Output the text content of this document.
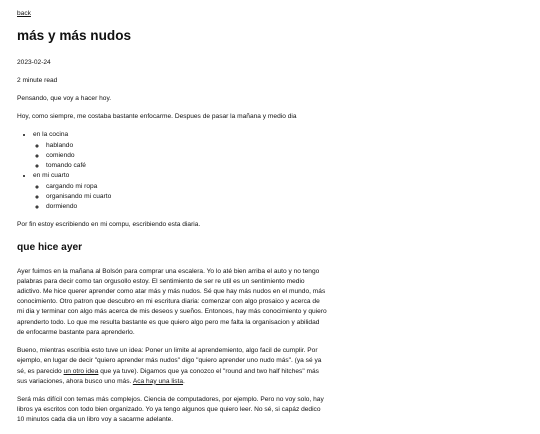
back
más y más nudos

2023-02-24

2 minute read

Pensando, que voy a hacer hoy.

Hoy, como siempre, me costaba bastante enfocarme. Despues de pasar la mañana y medio dia

• en la cocina
◦ hablando
◦ comiendo
◦ tomando café
• en mi cuarto
◦ cargando mi ropa
◦ organisando mi cuarto
◦ dormiendo

Por fin estoy escribiendo en mi compu, escribiendo esta diaria.

que hice ayer

Ayer fuimos en la mañana al Bolsón para comprar una escalera. Yo lo até bien arriba el auto y no tengo palabras para decir como tan orgusollo estoy. El sentimiento de ser re util es un sentimiento medio adictivo. Me hice querer aprender como atar más y más nudos. Sé que hay más nudos en el mundo, más conocimiento. Otro patron que descubro en mi escritura diaria: comenzar con algo prosaico y acerca de mi dia y terminar con algo más acerca de mis deseos y sueños. Entonces, hay más conocimiento y quiero aprenderto todo. Lo que me resulta bastante es que quiero algo pero me falta la organisacion y abilidad de enfocarme bastante para aprenderlo.

Bueno, mientras escribia esto tuve un idea: Poner un limite al aprendemiento, algo facil de cumplir. Por ejemplo, en lugar de decir "quiero aprender más nudos" digo "quiero aprender uno nudo más". (ya sé ya sé, es parecido un otro idea que ya tuve). Digamos que ya conozco el "round and two half hitches" más sus variaciones, ahora busco uno más. Aca hay una lista.

Será más difícil con temas más complejos. Ciencia de computadores, por ejemplo. Pero no voy solo, hay libros ya escritos con todo bien organizado. Yo ya tengo algunos que quiero leer. No sé, si capáz dedico 10 minutos cada dia un libro voy a sacarme adelante.
